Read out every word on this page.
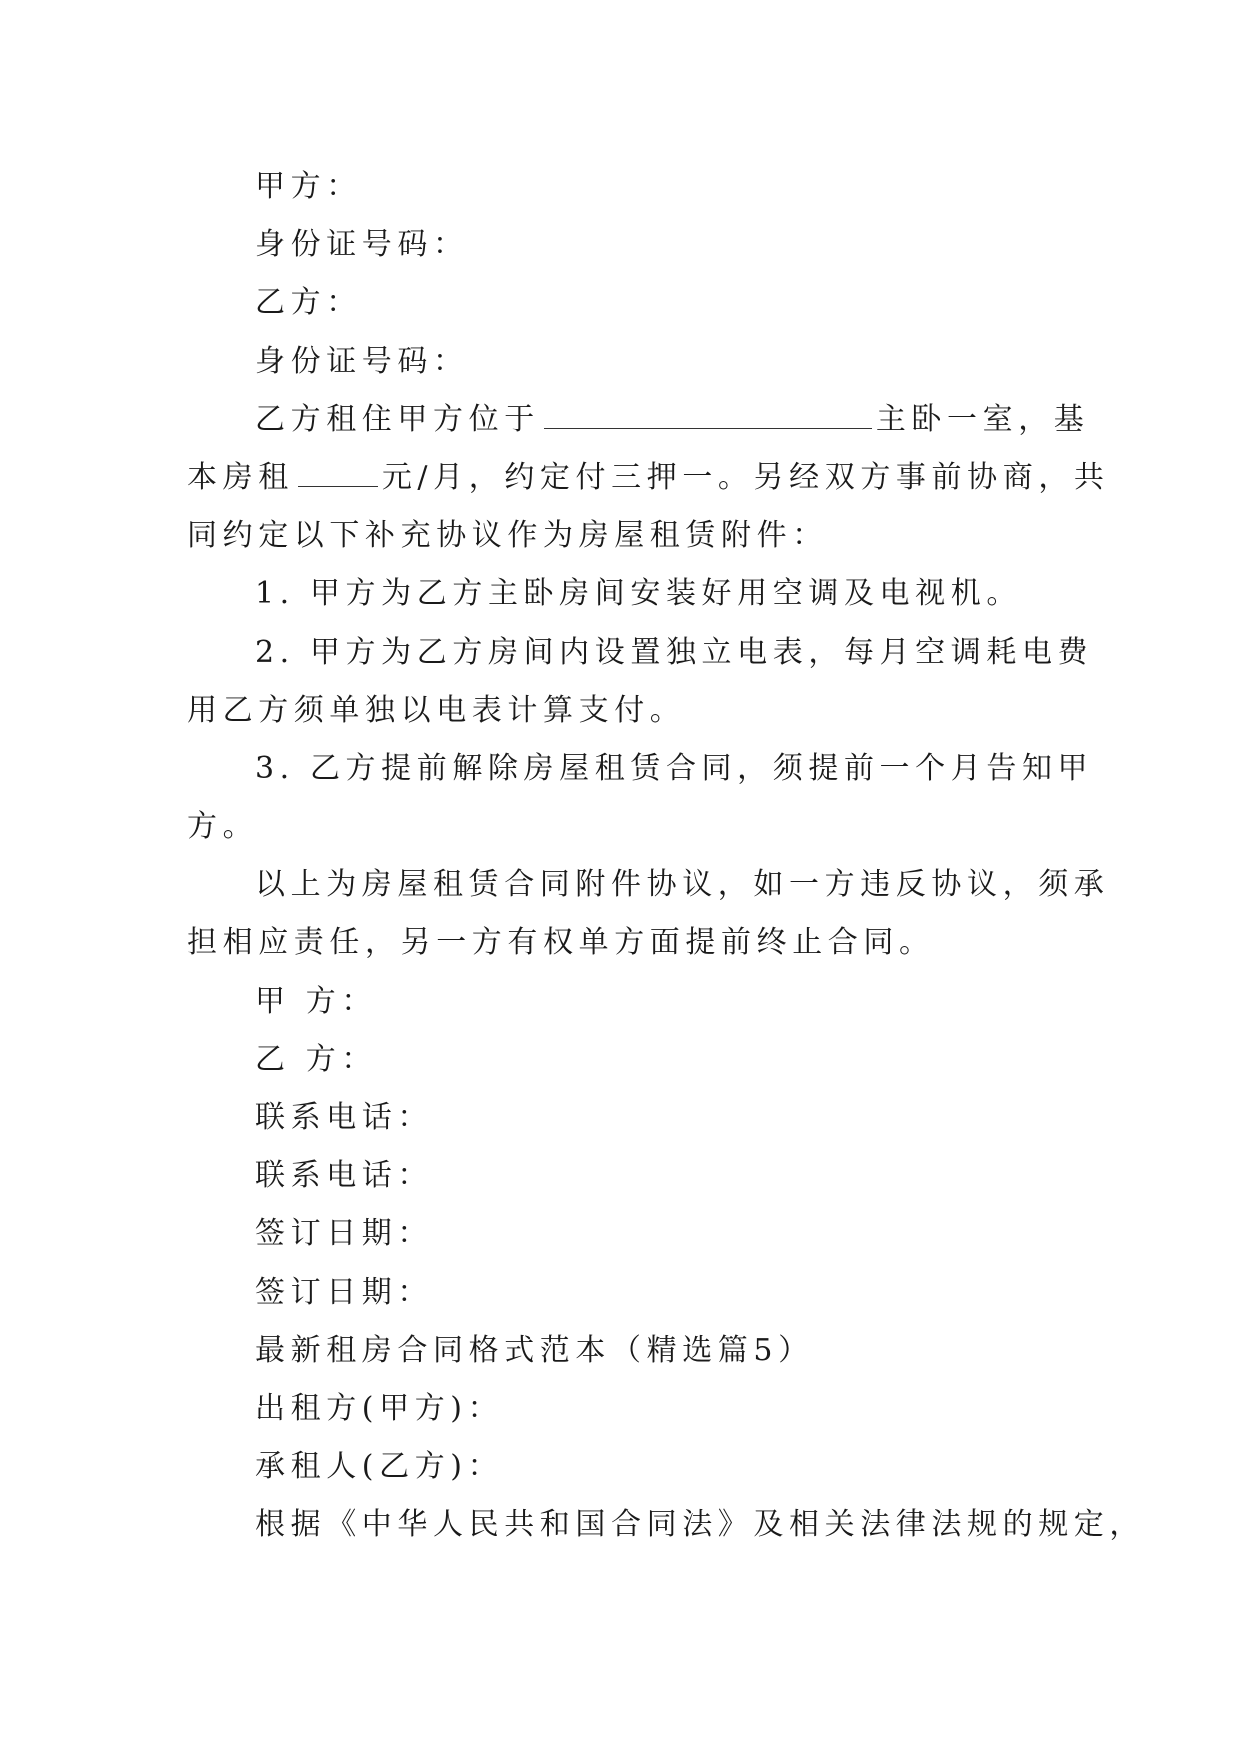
甲方：
身份证号码：
乙方：
身份证号码：
乙方租住甲方位于	主卧一室，基
本房租	元/月，约定付三押一。另经双方事前协商，共
同约定以下补充协议作为房屋租赁附件：
1. 甲方为乙方主卧房间安装好用空调及电视机。
2. 甲方为乙方房间内设置独立电表，每月空调耗电费
用乙方须单独以电表计算支付。
3. 乙方提前解除房屋租赁合同，须提前一个月告知甲
方。
以上为房屋租赁合同附件协议，如一方违反协议，须承
担相应责任，另一方有权单方面提前终止合同。
甲 方：
乙 方：
联系电话：
联系电话：
签订日期：
签订日期：
最新租房合同格式范本（精选篇5）
出租方(甲方)：
承租人(乙方)：
根据《中华人民共和国合同法》及相关法律法规的规定，
